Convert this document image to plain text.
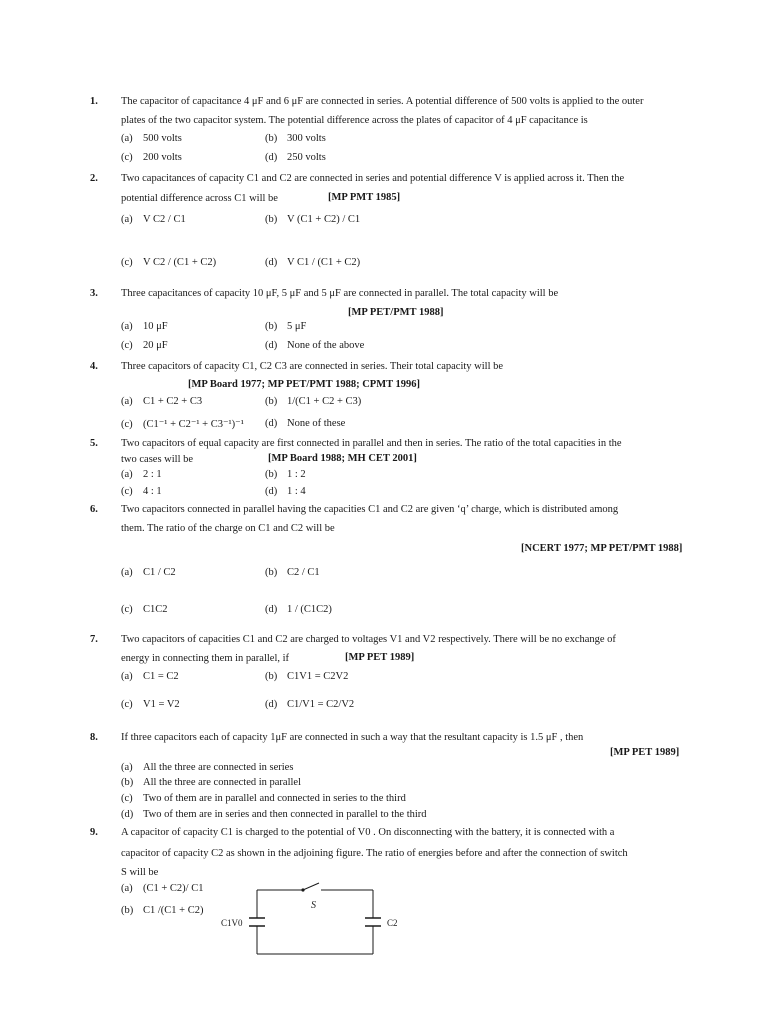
1. The capacitor of capacitance 4 μF and 6 μF are connected in series. A potential difference of 500 volts is applied to the outer
plates of the two capacitor system. The potential difference across the plates of capacitor of 4 μF capacitance is
(a) 500 volts	(b) 300 volts
(c) 200 volts	(d) 250 volts
2. Two capacitances of capacity C1 and C2 are connected in series and potential difference V is applied across it. Then the
potential difference across C1 will be	[MP PMT 1985]
(a) V C2 / C1	(b) V (C1 + C2) / C1
(c) V C2 / (C1 + C2)	(d) V C1 / (C1 + C2)
3. Three capacitances of capacity 10 μF, 5 μF and 5 μF are connected in parallel. The total capacity will be
[MP PET/PMT 1988]
(a) 10 μF	(b) 5 μF
(c) 20 μF	(d) None of the above
4. Three capacitors of capacity C1, C2 C3 are connected in series. Their total capacity will be
[MP Board 1977; MP PET/PMT 1988; CPMT 1996]
(a) C1 + C2 + C3	(b) 1/(C1 + C2 + C3)
(c) (C1⁻¹ + C2⁻¹ + C3⁻¹)⁻¹ (d) None of these
5. Two capacitors of equal capacity are first connected in parallel and then in series. The ratio of the total capacities in the
two cases will be	[MP Board 1988; MH CET 2001]
(a) 2 : 1	(b) 1 : 2
(c) 4 : 1	(d) 1 : 4
6. Two capacitors connected in parallel having the capacities C1 and C2 are given ‘q’ charge, which is distributed among
them. The ratio of the charge on C1 and C2 will be
[NCERT 1977; MP PET/PMT 1988]
(a) C1 / C2	(b) C2 / C1
(c) C1C2	(d) 1 / (C1C2)
7. Two capacitors of capacities C1 and C2 are charged to voltages V1 and V2 respectively. There will be no exchange of
energy in connecting them in parallel, if	[MP PET 1989]
(a) C1 = C2	(b) C1V1 = C2V2
(c) V1 = V2	(d) C1/V1 = C2/V2
8. If three capacitors each of capacity 1μF are connected in such a way that the resultant capacity is 1.5 μF , then
[MP PET 1989]
(a) All the three are connected in series
(b) All the three are connected in parallel
(c) Two of them are in parallel and connected in series to the third
(d) Two of them are in series and then connected in parallel to the third
9. A capacitor of capacity C1 is charged to the potential of V0 . On disconnecting with the battery, it is connected with a
capacitor of capacity C2 as shown in the adjoining figure. The ratio of energies before and after the connection of switch
S will be
(a) (C1 + C2)/ C1
(b) C1 /(C1 + C2)	S
C1V0	C2
